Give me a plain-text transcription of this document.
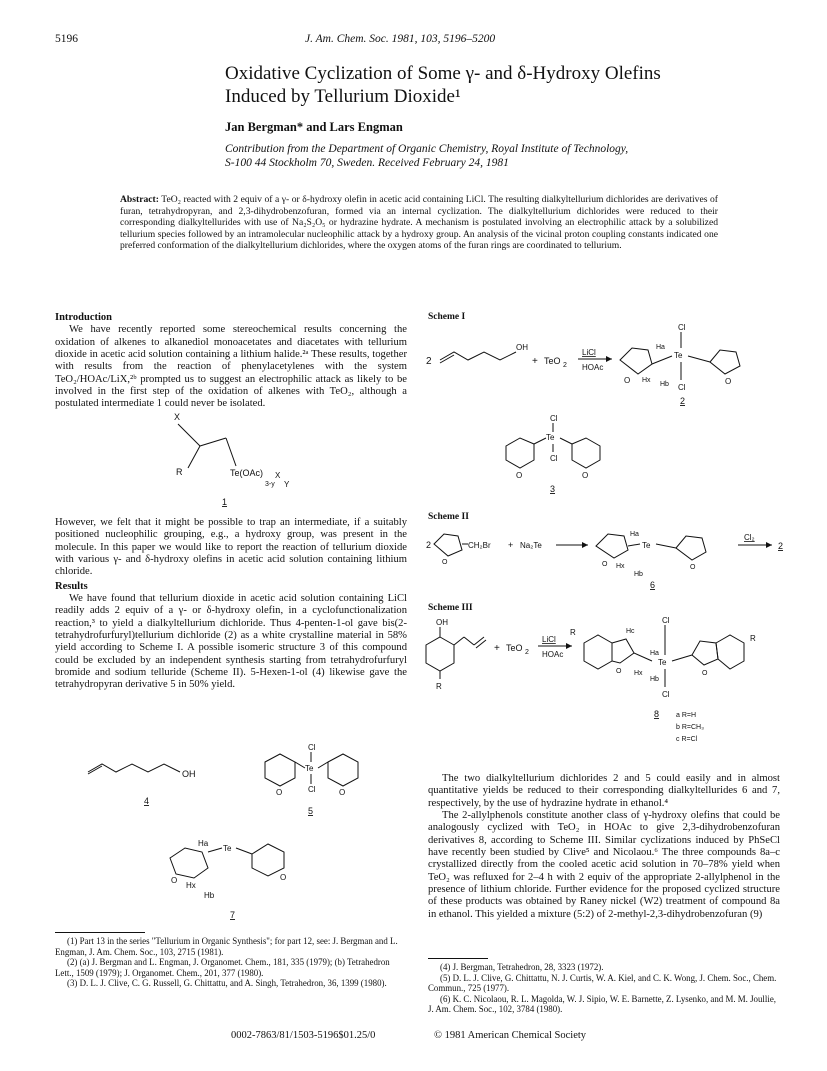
5196	J. Am. Chem. Soc. 1981, 103, 5196–5200
Oxidative Cyclization of Some γ- and δ-Hydroxy Olefins
Induced by Tellurium Dioxide¹
Jan Bergman* and Lars Engman
Contribution from the Department of Organic Chemistry, Royal Institute of Technology,
S-100 44 Stockholm 70, Sweden. Received February 24, 1981
Abstract: TeO₂ reacted with 2 equiv of a γ- or δ-hydroxy olefin in acetic acid containing LiCl. The resulting dialkyltellurium dichlorides are derivatives of furan, tetrahydropyran, and 2,3-dihydrobenzofuran, formed via an internal cyclization. The dialkyltellurium dichlorides were reduced to their corresponding dialkyltellurides with use of Na₂S₂O₅ or hydrazine hydrate. A mechanism is postulated involving an electrophilic attack by a solubilized tellurium species followed by an intramolecular nucleophilic attack by a hydroxy group. An analysis of the vicinal proton coupling constants indicated one preferred conformation of the dialkyltellurium dichlorides, where the oxygen atoms of the furan rings are coordinated to tellurium.
Introduction

We have recently reported some stereochemical results concerning the oxidation of alkenes to alkanediol monoacetates and diacetates with tellurium dioxide in acetic acid solution containing a lithium halide.²ᵃ These results, together with results from the reaction of phenylacetylenes with the system TeO₂/HOAc/LiX,²ᵇ prompted us to suggest an electrophilic attack as likely to be involved in the first step of the oxidation of alkenes with TeO₂, although a postulated intermediate 1 could never be isolated.

X
R	Te(OAc) X
3-y Y
1

However, we felt that it might be possible to trap an intermediate, if a suitably positioned nucleophilic grouping, e.g., a hydroxy group, was present in the molecule. In this paper we would like to report the reaction of tellurium dioxide with various γ- and δ-hydroxy olefins in acetic acid solution containing lithium chloride.

Results

We have found that tellurium dioxide in acetic acid solution containing LiCl readily adds 2 equiv of a γ- or δ-hydroxy olefin, in a cyclofunctionalization reaction,³ to yield a dialkyltellurium dichloride. Thus 4-penten-1-ol gave bis(2-tetrahydrofurfuryl)tellurium dichloride (2) as a white crystalline material in 58% yield according to Scheme I. A possible isomeric structure 3 of this compound could be excluded by an independent synthesis starting from tetrahydrofurfuryl bromide and sodium telluride (Scheme II). 5-Hexen-1-ol (4) likewise gave the tetrahydropyran derivative 5 in 50% yield.

OH
4
O
Cl
Te
Cl	O
5
O
Ha
Hx
Hb
Te
O
7
(1) Part 13 in the series "Tellurium in Organic Synthesis"; for part 12, see: J. Bergman and L. Engman, J. Am. Chem. Soc., 103, 2715 (1981).
(2) (a) J. Bergman and L. Engman, J. Organomet. Chem., 181, 335 (1979); (b) Tetrahedron Lett., 1509 (1979); J. Organomet. Chem., 201, 377 (1980).
(3) D. L. J. Clive, C. G. Russell, G. Chittattu, and A. Singh, Tetrahedron, 36, 1399 (1980).
Scheme I
2
OH
+ TeO 2
LiCl
HOAc
O
Ha
Hx
Hb
Cl
Te
Cl
O
2
Cl
Te
Cl
O	O
3
Scheme II
2
O
CH₂Br + Na₂Te
O
Ha
Hx
Hb
Te
O
Cl₂
2
6
Scheme III
OH
R
+ TeO 2
LiCl
HOAc
R
O
Hc
Hx
Ha
Hb
Cl
Te
Cl
O
R
8 a R=H
b R=CH₃
c R=Cl

The two dialkyltellurium dichlorides 2 and 5 could easily and in almost quantitative yields be reduced to their corresponding dialkyltellurides 6 and 7, respectively, by the use of hydrazine hydrate in ethanol.⁴

The 2-allylphenols constitute another class of γ-hydroxy olefins that could be analogously cyclized with TeO₂ in HOAc to give 2,3-dihydrobenzofuran derivatives 8, according to Scheme III. Similar cyclizations induced by PhSeCl have recently been studied by Clive⁵ and Nicolaou.⁶ The three compounds 8a–c crystallized directly from the cooled acetic acid solution in 70–78% yield when TeO₂ was refluxed for 2–4 h with 2 equiv of the appropriate 2-allylphenol in the presence of lithium chloride. Further evidence for the proposed cyclized structure of these products was obtained by Raney nickel (W2) treatment of compound 8a in ethanol. This yielded a mixture (5:2) of 2-methyl-2,3-dihydrobenzofuran (9)

(4) J. Bergman, Tetrahedron, 28, 3323 (1972).
(5) D. L. J. Clive, G. Chittattu, N. J. Curtis, W. A. Kiel, and C. K. Wong, J. Chem. Soc., Chem. Commun., 725 (1977).
(6) K. C. Nicolaou, R. L. Magolda, W. J. Sipio, W. E. Barnette, Z. Lysenko, and M. M. Joullie, J. Am. Chem. Soc., 102, 3784 (1980).
0002-7863/81/1503-5196$01.25/0	© 1981 American Chemical Society
